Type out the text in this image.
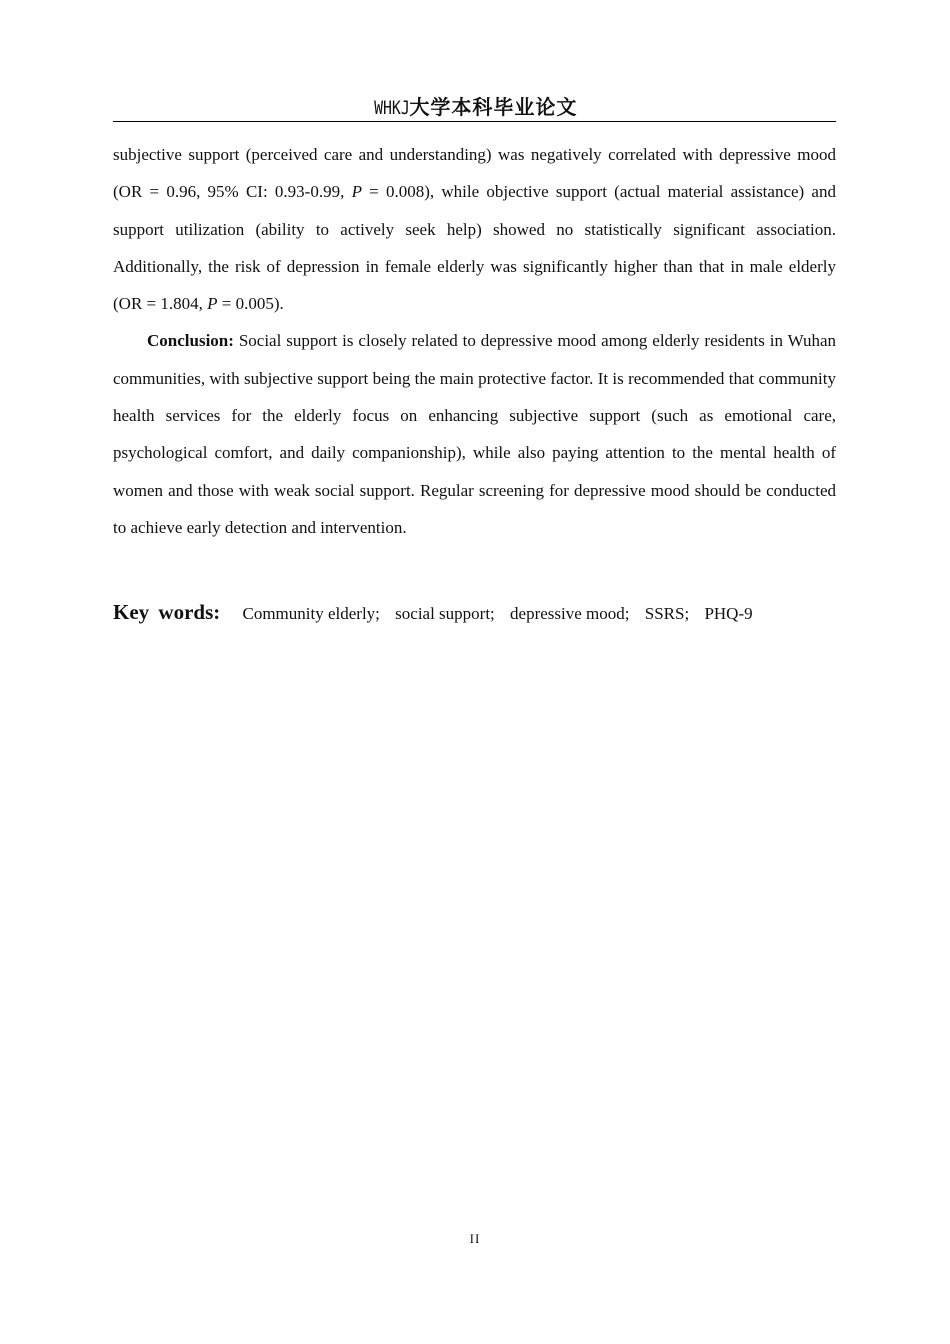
WHKJ大学本科毕业论文

subjective support (perceived care and understanding) was negatively correlated with depressive mood (OR = 0.96, 95% CI: 0.93-0.99, P = 0.008), while objective support (actual material assistance) and support utilization (ability to actively seek help) showed no statistically significant association. Additionally, the risk of depression in female elderly was significantly higher than that in male elderly (OR = 1.804, P = 0.005).

Conclusion: Social support is closely related to depressive mood among elderly residents in Wuhan communities, with subjective support being the main protective factor. It is recommended that community health services for the elderly focus on enhancing subjective support (such as emotional care, psychological comfort, and daily companionship), while also paying attention to the mental health of women and those with weak social support. Regular screening for depressive mood should be conducted to achieve early detection and intervention.

Key words: Community elderly; social support; depressive mood; SSRS; PHQ-9
II
